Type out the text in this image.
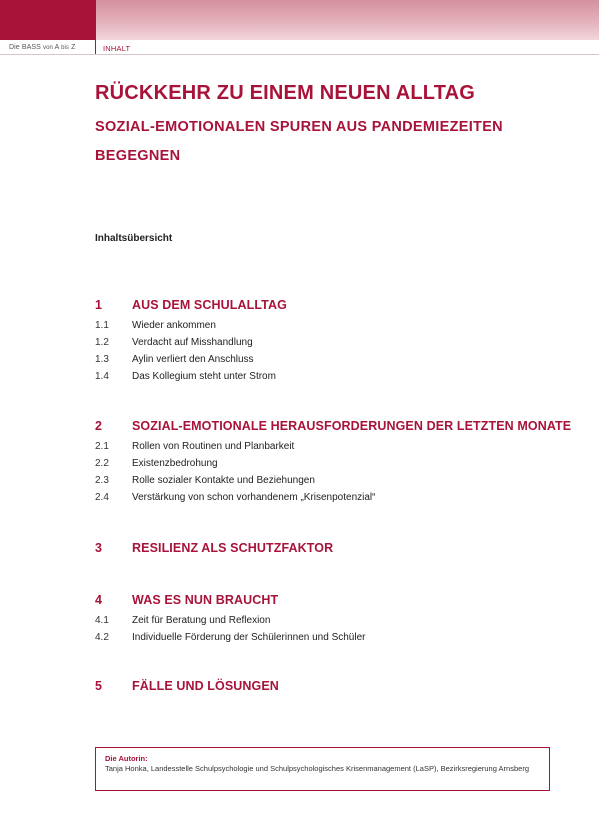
Die BASS von A bis Z	INHALT
RÜCKKEHR ZU EINEM NEUEN ALLTAG
SOZIAL-EMOTIONALEN SPUREN AUS PANDEMIEZEITEN BEGEGNEN
Inhaltsübersicht
1 AUS DEM SCHULALLTAG
1.1 Wieder ankommen
1.2 Verdacht auf Misshandlung
1.3 Aylin verliert den Anschluss
1.4 Das Kollegium steht unter Strom
2 SOZIAL-EMOTIONALE HERAUSFORDERUNGEN DER LETZTEN MONATE
2.1 Rollen von Routinen und Planbarkeit
2.2 Existenzbedrohung
2.3 Rolle sozialer Kontakte und Beziehungen
2.4 Verstärkung von schon vorhandenem „Krisenpotenzial“
3 RESILIENZ ALS SCHUTZFAKTOR
4 WAS ES NUN BRAUCHT
4.1 Zeit für Beratung und Reflexion
4.2 Individuelle Förderung der Schülerinnen und Schüler
5 FÄLLE UND LÖSUNGEN
Die Autorin:
Tanja Honka, Landesstelle Schulpsychologie und Schulpsychologisches Krisenmanagement (LaSP), Bezirksregierung Arnsberg
